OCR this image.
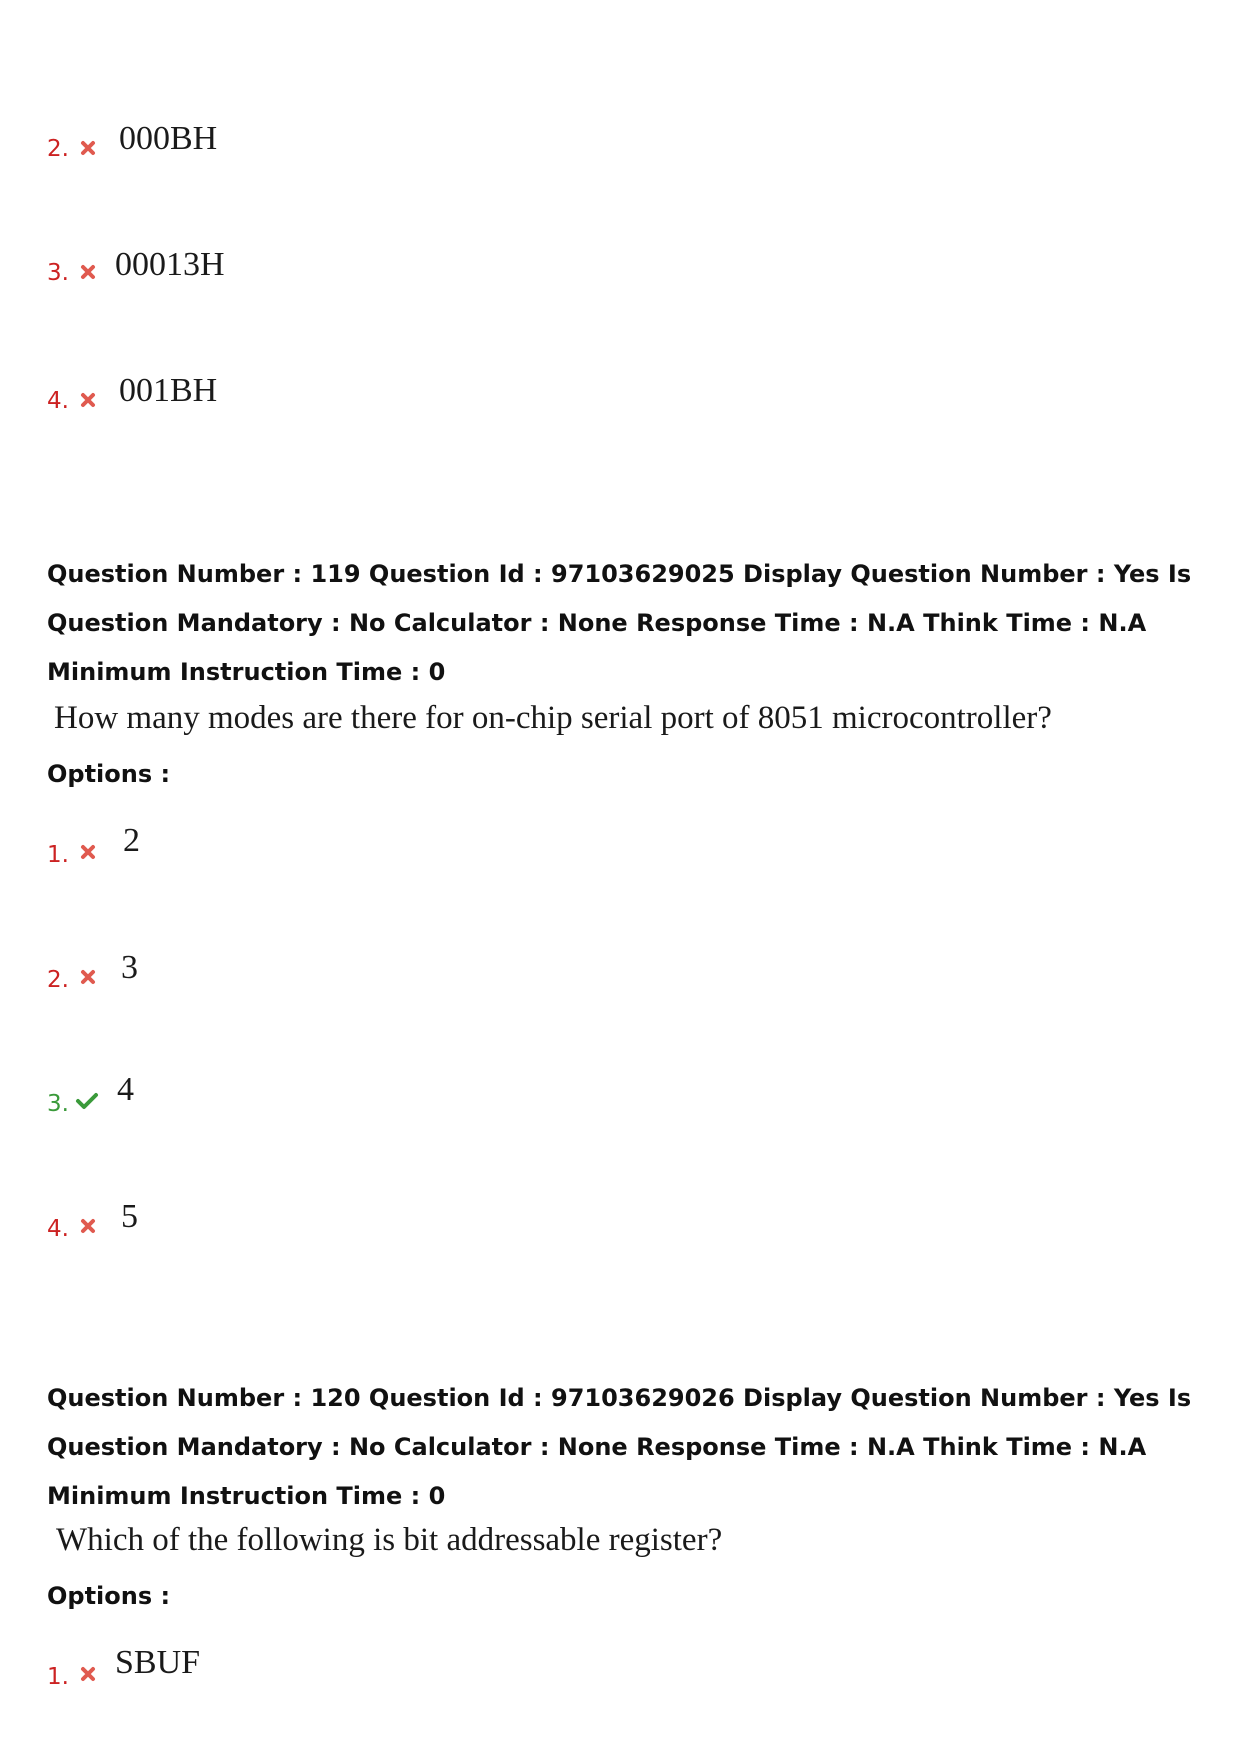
2. 000BH
3. 00013H
4. 001BH

Question Number : 119 Question Id : 97103629025 Display Question Number : Yes Is Question Mandatory : No Calculator : None Response Time : N.A Think Time : N.A Minimum Instruction Time : 0

How many modes are there for on-chip serial port of 8051 microcontroller?

Options :
1. 2
2. 3
3. 4
4. 5

Question Number : 120 Question Id : 97103629026 Display Question Number : Yes Is Question Mandatory : No Calculator : None Response Time : N.A Think Time : N.A Minimum Instruction Time : 0

Which of the following is bit addressable register?

Options :
1. SBUF
